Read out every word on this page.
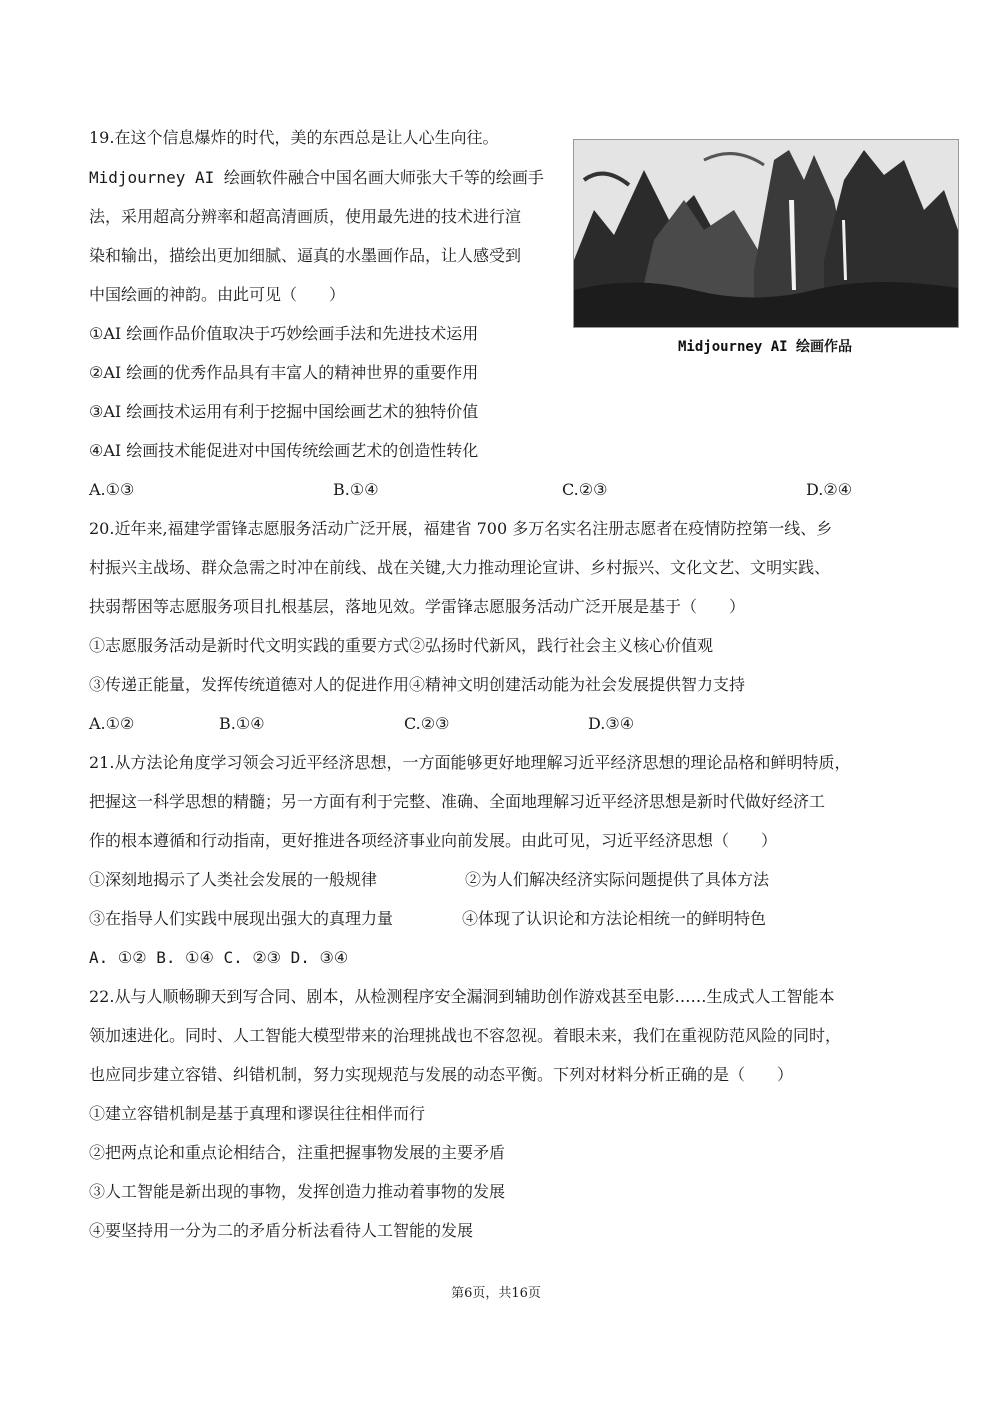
19.在这个信息爆炸的时代，美的东西总是让人心生向往。
Midjourney AI 绘画软件融合中国名画大师张大千等的绘画手
法，采用超高分辨率和超高清画质，使用最先进的技术进行渲
染和输出，描绘出更加细腻、逼真的水墨画作品，让人感受到
中国绘画的神韵。由此可见（　　）
①AI 绘画作品价值取决于巧妙绘画手法和先进技术运用
②AI 绘画的优秀作品具有丰富人的精神世界的重要作用
③AI 绘画技术运用有利于挖掘中国绘画艺术的独特价值
④AI 绘画技术能促进对中国传统绘画艺术的创造性转化
A.①③	B.①④	C.②③	D.②④
Midjourney AI 绘画作品
20.近年来,福建学雷锋志愿服务活动广泛开展，福建省 700 多万名实名注册志愿者在疫情防控第一线、乡
村振兴主战场、群众急需之时冲在前线、战在关键,大力推动理论宣讲、乡村振兴、文化文艺、文明实践、
扶弱帮困等志愿服务项目扎根基层，落地见效。学雷锋志愿服务活动广泛开展是基于（　　）
①志愿服务活动是新时代文明实践的重要方式②弘扬时代新风，践行社会主义核心价值观
③传递正能量，发挥传统道德对人的促进作用④精神文明创建活动能为社会发展提供智力支持
A.①②	B.①④	C.②③	D.③④
21.从方法论角度学习领会习近平经济思想，一方面能够更好地理解习近平经济思想的理论品格和鲜明特质，
把握这一科学思想的精髓；另一方面有利于完整、准确、全面地理解习近平经济思想是新时代做好经济工
作的根本遵循和行动指南，更好推进各项经济事业向前发展。由此可见，习近平经济思想（　　）
①深刻地揭示了人类社会发展的一般规律	②为人们解决经济实际问题提供了具体方法
③在指导人们实践中展现出强大的真理力量	④体现了认识论和方法论相统一的鲜明特色
A. ①② B. ①④ C. ②③ D. ③④
22.从与人顺畅聊天到写合同、剧本，从检测程序安全漏洞到辅助创作游戏甚至电影……生成式人工智能本
领加速进化。同时、人工智能大模型带来的治理挑战也不容忽视。着眼未来，我们在重视防范风险的同时，
也应同步建立容错、纠错机制，努力实现规范与发展的动态平衡。下列对材料分析正确的是（　　）
①建立容错机制是基于真理和谬误往往相伴而行
②把两点论和重点论相结合，注重把握事物发展的主要矛盾
③人工智能是新出现的事物，发挥创造力推动着事物的发展
④要坚持用一分为二的矛盾分析法看待人工智能的发展
第6页，共16页
